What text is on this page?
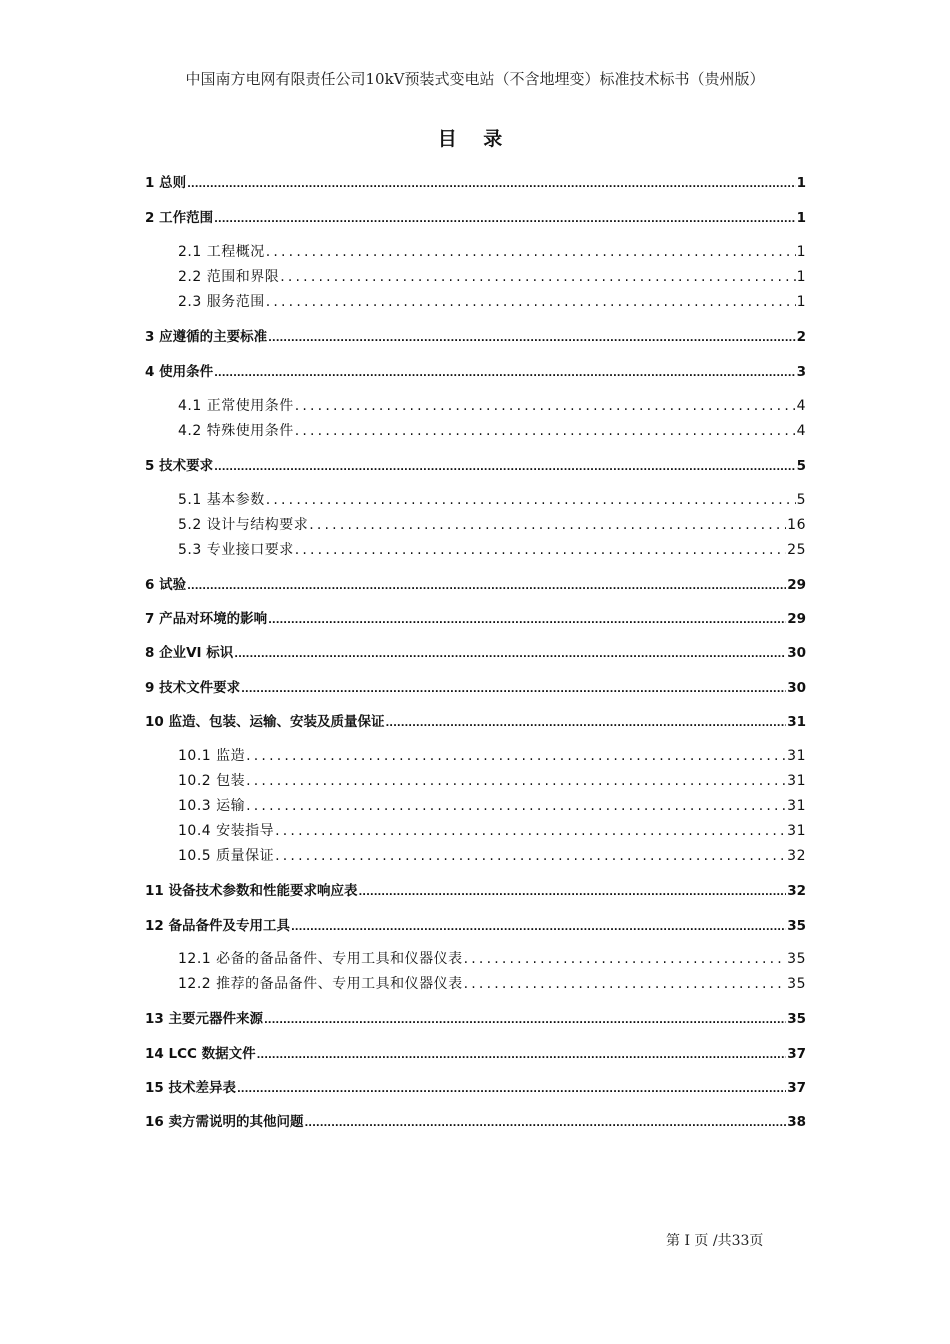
中国南方电网有限责任公司10kV预装式变电站（不含地埋变）标准技术标书（贵州版）
目 录
1 总则 .....	1
2 工作范围 .....	1
2.1 工程概况 .....	1
2.2 范围和界限 .....	1
2.3 服务范围 .....	1
3 应遵循的主要标准 .....	2
4 使用条件 .....	3
4.1 正常使用条件 .....	4
4.2 特殊使用条件 .....	4
5 技术要求 .....	5
5.1 基本参数 .....	5
5.2 设计与结构要求 .....	16
5.3 专业接口要求 .....	25
6 试验 .....	29
7 产品对环境的影响 .....	29
8 企业VI 标识 .....	30
9 技术文件要求 .....	30
10 监造、包装、运输、安装及质量保证 .....	31
10.1 监造 .....	31
10.2 包装 .....	31
10.3 运输 .....	31
10.4 安装指导 .....	31
10.5 质量保证 .....	32
11 设备技术参数和性能要求响应表 .....	32
12 备品备件及专用工具 .....	35
12.1 必备的备品备件、专用工具和仪器仪表 .....	35
12.2 推荐的备品备件、专用工具和仪器仪表 .....	35
13 主要元器件来源 .....	35
14 LCC 数据文件 .....	37
15 技术差异表 .....	37
16 卖方需说明的其他问题 .....	38
第 I 页 /共33页
